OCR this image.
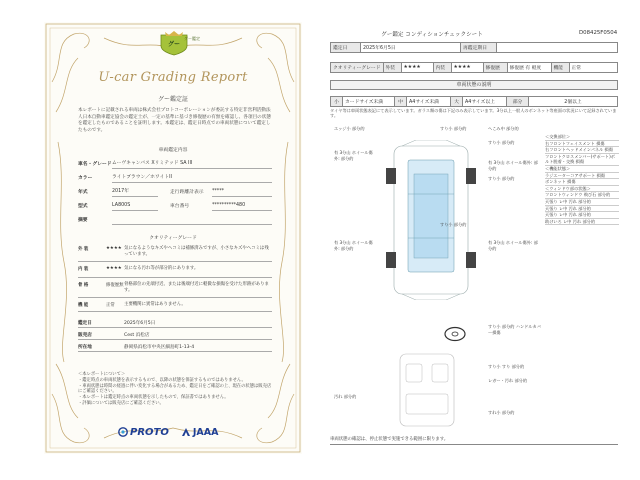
グー
グー鑑定
U-car Grading Report
グー鑑定証
本レポートに記載される車両は株式会社プロトコーポレーションが委託する特定非営利活動法人日本自動車鑑定協会の鑑定士が、一定の基準に基づき修復歴の有無を確認し、各項目の状態を鑑定したものであることを証明します。本鑑定は、鑑定日時点での車両状態について鑑定したものです。
車両鑑定内容
車名・グレード ムーヴキャンバス Xリミテッド SA III
カラー	ライトブラウン／ホワイトII
年式	2017年	走行距離計表示	*****
型式	LA800S	車台番号	**********480
摘要
クオリティーグレード
外 装	★★★★ 気になるようなキズやヘコミは補修済みですが、小さなキズやヘコミは残っています。
内 装	★★★★ 気になる汚れ等が部分的にあります。
骨 格	修復歴無 骨格部位の先端付近、または後端付近に軽微な損傷を受けた形跡があります。
機 能	正常	主要機関に異常はありません。
鑑定日	2025年6月5日
販売店	Cest 浜松店
所在地	静岡県浜松市中央区細島町1-13-4
＜本レポートについて＞
・鑑定時点の車両状態を表示するもので、以降の状態を保証するものではありません。
・車両状態は時間の経過に伴い変化する場合があるため、鑑定日をご確認の上、現在の状態は販売店にご確認ください。
・本レポートは鑑定時点の車両状態を示したもので、保証書ではありません。
・評価については販売店にご確認ください。
PROTO	JAAA
グー鑑定 コンディションチェックシート	D08425F0504
鑑定日	2025年6月5日	再鑑定期日	
クオリティーグレード	外装	★★★★	内装	★★★★	修復歴	修復歴 有 軽度	機能	正常
車両状態の説明
小	カードサイズ未満	中	A4サイズ未満	大	A4サイズ以上	部分	2個以上
タイヤ等は車両状態表記にて表示しています。ガラス類の傷は下記のみ表示しています。3分以上一般人のボンネット等座面の状況にいて記録されています。
エッジ小 部分的	すり小 部分的	へこみ中 部分的
すり小 部分的
すり小 部分的
すり小 部分的
有 3分山 ホイール傷外: 部分的
有 3分山 ホイール傷外: 部分的
有 3分山 ホイール傷外: 部分的
有 3分山 ホイール傷外: 部分的
すり小 部分的 ハンドルカバー損傷
すり小 すり 部分的
レガー・汚れ 部分的
汚れ 部分的
すれ小 部分的
＜交換部位＞
右フロントフェイスメント 損傷
右フロントヘッドメインパネル 損傷
フロントクロスメンバー(サポート)ボルト脱着・交換 損傷
＜機能状態＞
ラジエーターコアサポート 損傷
ボンネット 損傷
＜ウィンドウ部の状態＞
フロントウィンドウ 飛び石 部分的
天張り レ中 汚れ 部分的
天張り レ中 汚れ 部分的
天張り レ中 汚れ 部分的
助けいろ レ中 汚れ 部分的
車両状態の確認は、停止状態で実施できる範囲に限ります。
